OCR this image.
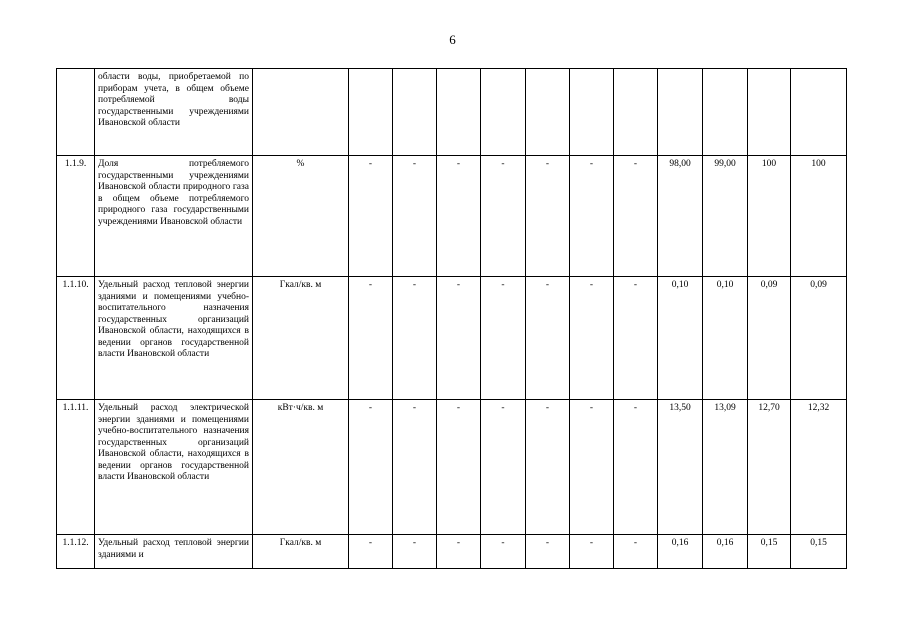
6
	области воды, приобретаемой по приборам учета, в общем объеме потребляемой воды государственными учреждениями Ивановской области												
1.1.9.	Доля потребляемого государственными учреждениями Ивановской области природного газа в общем объеме потребляемого природного газа государственными учреждениями Ивановской области	%	-	-	-	-	-	-	-	98,00	99,00	100	100
1.1.10.	Удельный расход тепловой энергии зданиями и помещениями учебно-воспитательного назначения государственных организаций Ивановской области, находящихся в ведении органов государственной власти Ивановской области	Гкал/кв. м	-	-	-	-	-	-	-	0,10	0,10	0,09	0,09
1.1.11.	Удельный расход электрической энергии зданиями и помещениями учебно-воспитательного назначения государственных организаций Ивановской области, находящихся в ведении органов государственной власти Ивановской области	кВт·ч/кв. м	-	-	-	-	-	-	-	13,50	13,09	12,70	12,32
1.1.12.	Удельный расход тепловой энергии зданиями и	Гкал/кв. м	-	-	-	-	-	-	-	0,16	0,16	0,15	0,15
